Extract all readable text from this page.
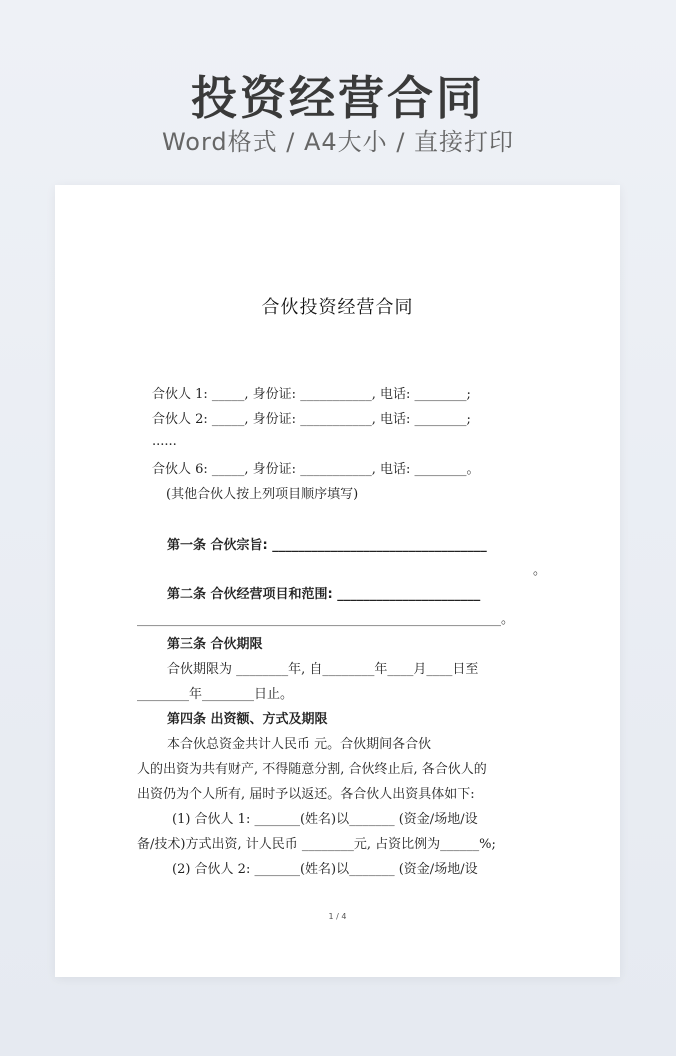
投资经营合同
Word格式 / A4大小 / 直接打印
合伙投资经营合同
合伙人 1: _____, 身份证: ___________, 电话: ________;
合伙人 2: _____, 身份证: ___________, 电话: ________;
......
合伙人 6: _____, 身份证: ___________, 电话: ________。
(其他合伙人按上列项目顺序填写)
第一条 合伙宗旨: _________________________________
。
第二条 合伙经营项目和范围: ______________________
________________________________________________________。
第三条 合伙期限
合伙期限为 ________年, 自________年____月____日至
________年________日止。
第四条 出资额、方式及期限
本合伙总资金共计人民币 元。合伙期间各合伙
人的出资为共有财产, 不得随意分割, 合伙终止后, 各合伙人的
出资仍为个人所有, 届时予以返还。各合伙人出资具体如下:
(1) 合伙人 1: _______(姓名)以_______ (资金/场地/设
备/技术)方式出资, 计人民币 ________元, 占资比例为______%;
(2) 合伙人 2: _______(姓名)以_______ (资金/场地/设
1 / 4
